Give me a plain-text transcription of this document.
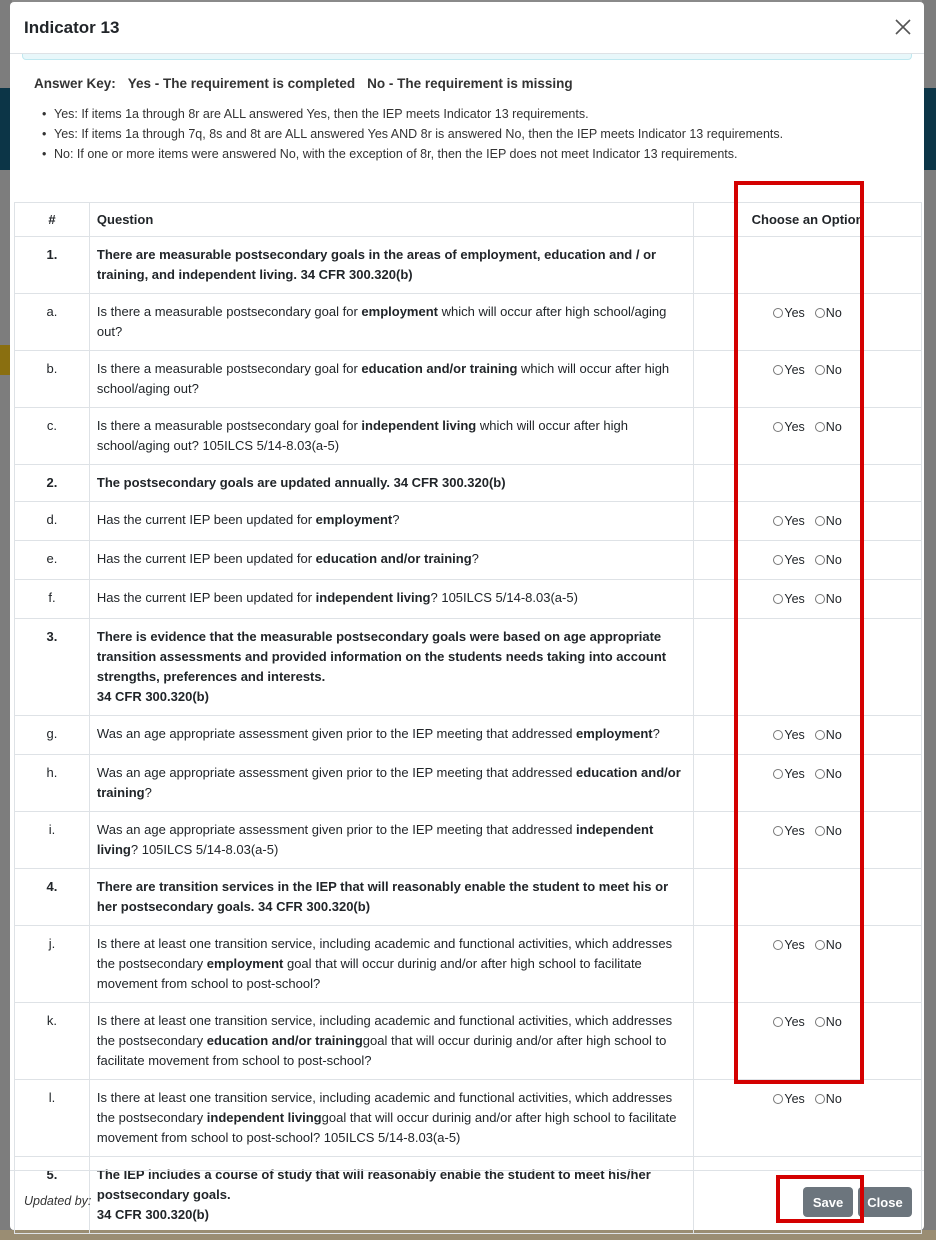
Indicator 13
Answer Key: Yes - The requirement is completed No - The requirement is missing
• Yes: If items 1a through 8r are ALL answered Yes, then the IEP meets Indicator 13 requirements.
• Yes: If items 1a through 7q, 8s and 8t are ALL answered Yes AND 8r is answered No, then the IEP meets Indicator 13 requirements.
• No: If one or more items were answered No, with the exception of 8r, then the IEP does not meet Indicator 13 requirements.
#	Question	Choose an Option
1.	There are measurable postsecondary goals in the areas of employment, education and / or training, and independent living. 34 CFR 300.320(b)	
a.	Is there a measurable postsecondary goal for employment which will occur after high school/aging out?	Yes No

b.	Is there a measurable postsecondary goal for education and/or training which will occur after high school/aging out?	Yes No

c.	Is there a measurable postsecondary goal for independent living which will occur after high school/aging out? 105ILCS 5/14-8.03(a-5)	Yes No

2.	The postsecondary goals are updated annually. 34 CFR 300.320(b)	
d.	Has the current IEP been updated for employment?	Yes No

e.	Has the current IEP been updated for education and/or training?	Yes No

f.	Has the current IEP been updated for independent living? 105ILCS 5/14-8.03(a-5)	Yes No

3.	There is evidence that the measurable postsecondary goals were based on age appropriate transition assessments and provided information on the students needs taking into account strengths, preferences and interests.
34 CFR 300.320(b)	
g.	Was an age appropriate assessment given prior to the IEP meeting that addressed employment?	Yes No

h.	Was an age appropriate assessment given prior to the IEP meeting that addressed education and/or training?	Yes No

i.	Was an age appropriate assessment given prior to the IEP meeting that addressed independent living? 105ILCS 5/14-8.03(a-5)	Yes No

4.	There are transition services in the IEP that will reasonably enable the student to meet his or her postsecondary goals. 34 CFR 300.320(b)	
j.	Is there at least one transition service, including academic and functional activities, which addresses the postsecondary employment goal that will occur durinig and/or after high school to facilitate movement from school to post-school?	Yes No

k.	Is there at least one transition service, including academic and functional activities, which addresses the postsecondary education and/or traininggoal that will occur durinig and/or after high school to facilitate movement from school to post-school?	Yes No

l.	Is there at least one transition service, including academic and functional activities, which addresses the postsecondary independent livinggoal that will occur durinig and/or after high school to facilitate movement from school to post-school? 105ILCS 5/14-8.03(a-5)	Yes No

5.	The IEP includes a course of study that will reasonably enable the student to meet his/her postsecondary goals.
34 CFR 300.320(b)	
Updated by:	Save	Close
